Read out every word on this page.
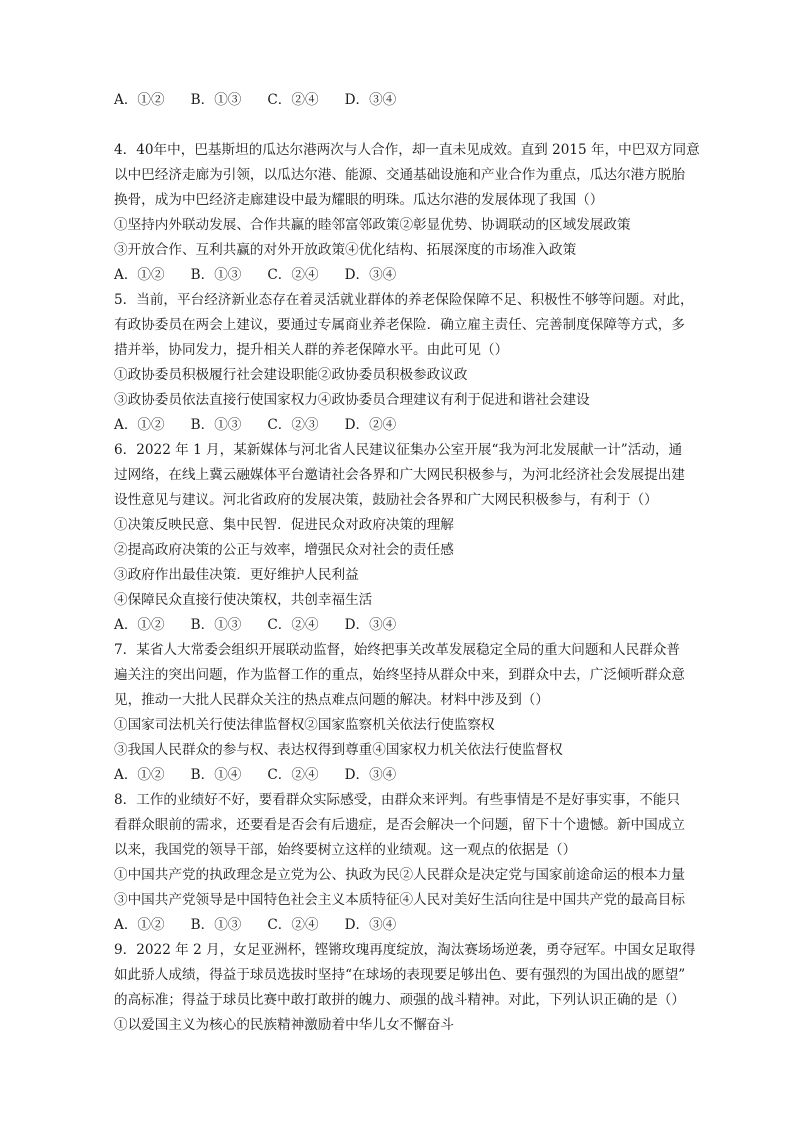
4．40年中，巴基斯坦的瓜达尔港两次与人合作，却一直未见成效。直到 2015 年，中巴双方同意
以中巴经济走廊为引领，以瓜达尔港、能源、交通基础设施和产业合作为重点，瓜达尔港方脱胎
换骨，成为中巴经济走廊建设中最为耀眼的明珠。瓜达尔港的发展体现了我国（）
①坚持内外联动发展、合作共赢的睦邻富邻政策②彰显优势、协调联动的区域发展政策
③开放合作、互利共赢的对外开放政策④优化结构、拓展深度的市场准入政策
5．当前，平台经济新业态存在着灵活就业群体的养老保险保障不足、积极性不够等问题。对此，
有政协委员在两会上建议，要通过专属商业养老保险．确立雇主责任、完善制度保障等方式，多
措并举，协同发力，提升相关人群的养老保障水平。由此可见（）
①政协委员积极履行社会建设职能②政协委员积极参政议政
③政协委员依法直接行使国家权力④政协委员合理建议有利于促进和谐社会建设
6．2022 年 1 月，某新媒体与河北省人民建议征集办公室开展“我为河北发展献一计”活动，通
过网络，在线上冀云融媒体平台邀请社会各界和广大网民积极参与，为河北经济社会发展提出建
设性意见与建议。河北省政府的发展决策，鼓励社会各界和广大网民积极参与，有利于（）
①决策反映民意、集中民智．促进民众对政府决策的理解
②提高政府决策的公正与效率，增强民众对社会的责任感
③政府作出最佳决策．更好维护人民利益
④保障民众直接行使决策权，共创幸福生活
7．某省人大常委会组织开展联动监督，始终把事关改革发展稳定全局的重大问题和人民群众普
遍关注的突出问题，作为监督工作的重点，始终坚持从群众中来，到群众中去，广泛倾听群众意
见，推动一大批人民群众关注的热点难点问题的解决。材料中涉及到（）
①国家司法机关行使法律监督权②国家监察机关依法行使监察权
③我国人民群众的参与权、表达权得到尊重④国家权力机关依法行使监督权
8．工作的业绩好不好，要看群众实际感受，由群众来评判。有些事情是不是好事实事，不能只
看群众眼前的需求，还要看是否会有后遗症，是否会解决一个问题，留下十个遗憾。新中国成立
以来，我国党的领导干部，始终要树立这样的业绩观。这一观点的依据是（）
①中国共产党的执政理念是立党为公、执政为民②人民群众是决定党与国家前途命运的根本力量
③中国共产党领导是中国特色社会主义本质特征④人民对美好生活向往是中国共产党的最高目标
9．2022 年 2 月，女足亚洲杯，铿锵玫瑰再度绽放，淘汰赛场场逆袭，勇夺冠军。中国女足取得
如此骄人成绩，得益于球员选拔时坚持“在球场的表现要足够出色、要有强烈的为国出战的愿望”
的高标准；得益于球员比赛中敢打敢拼的魄力、顽强的战斗精神。对此，下列认识正确的是（）
①以爱国主义为核心的民族精神激励着中华儿女不懈奋斗
A．①② B．①③ C．②④ D．③④
A．①② B．①③ C．②④ D．③④
A．①② B．①③ C．②③ D．②④
A．①② B．①③ C．②④ D．③④
A．①② B．①④ C．②④ D．③④
A．①② B．①③ C．②④ D．③④
